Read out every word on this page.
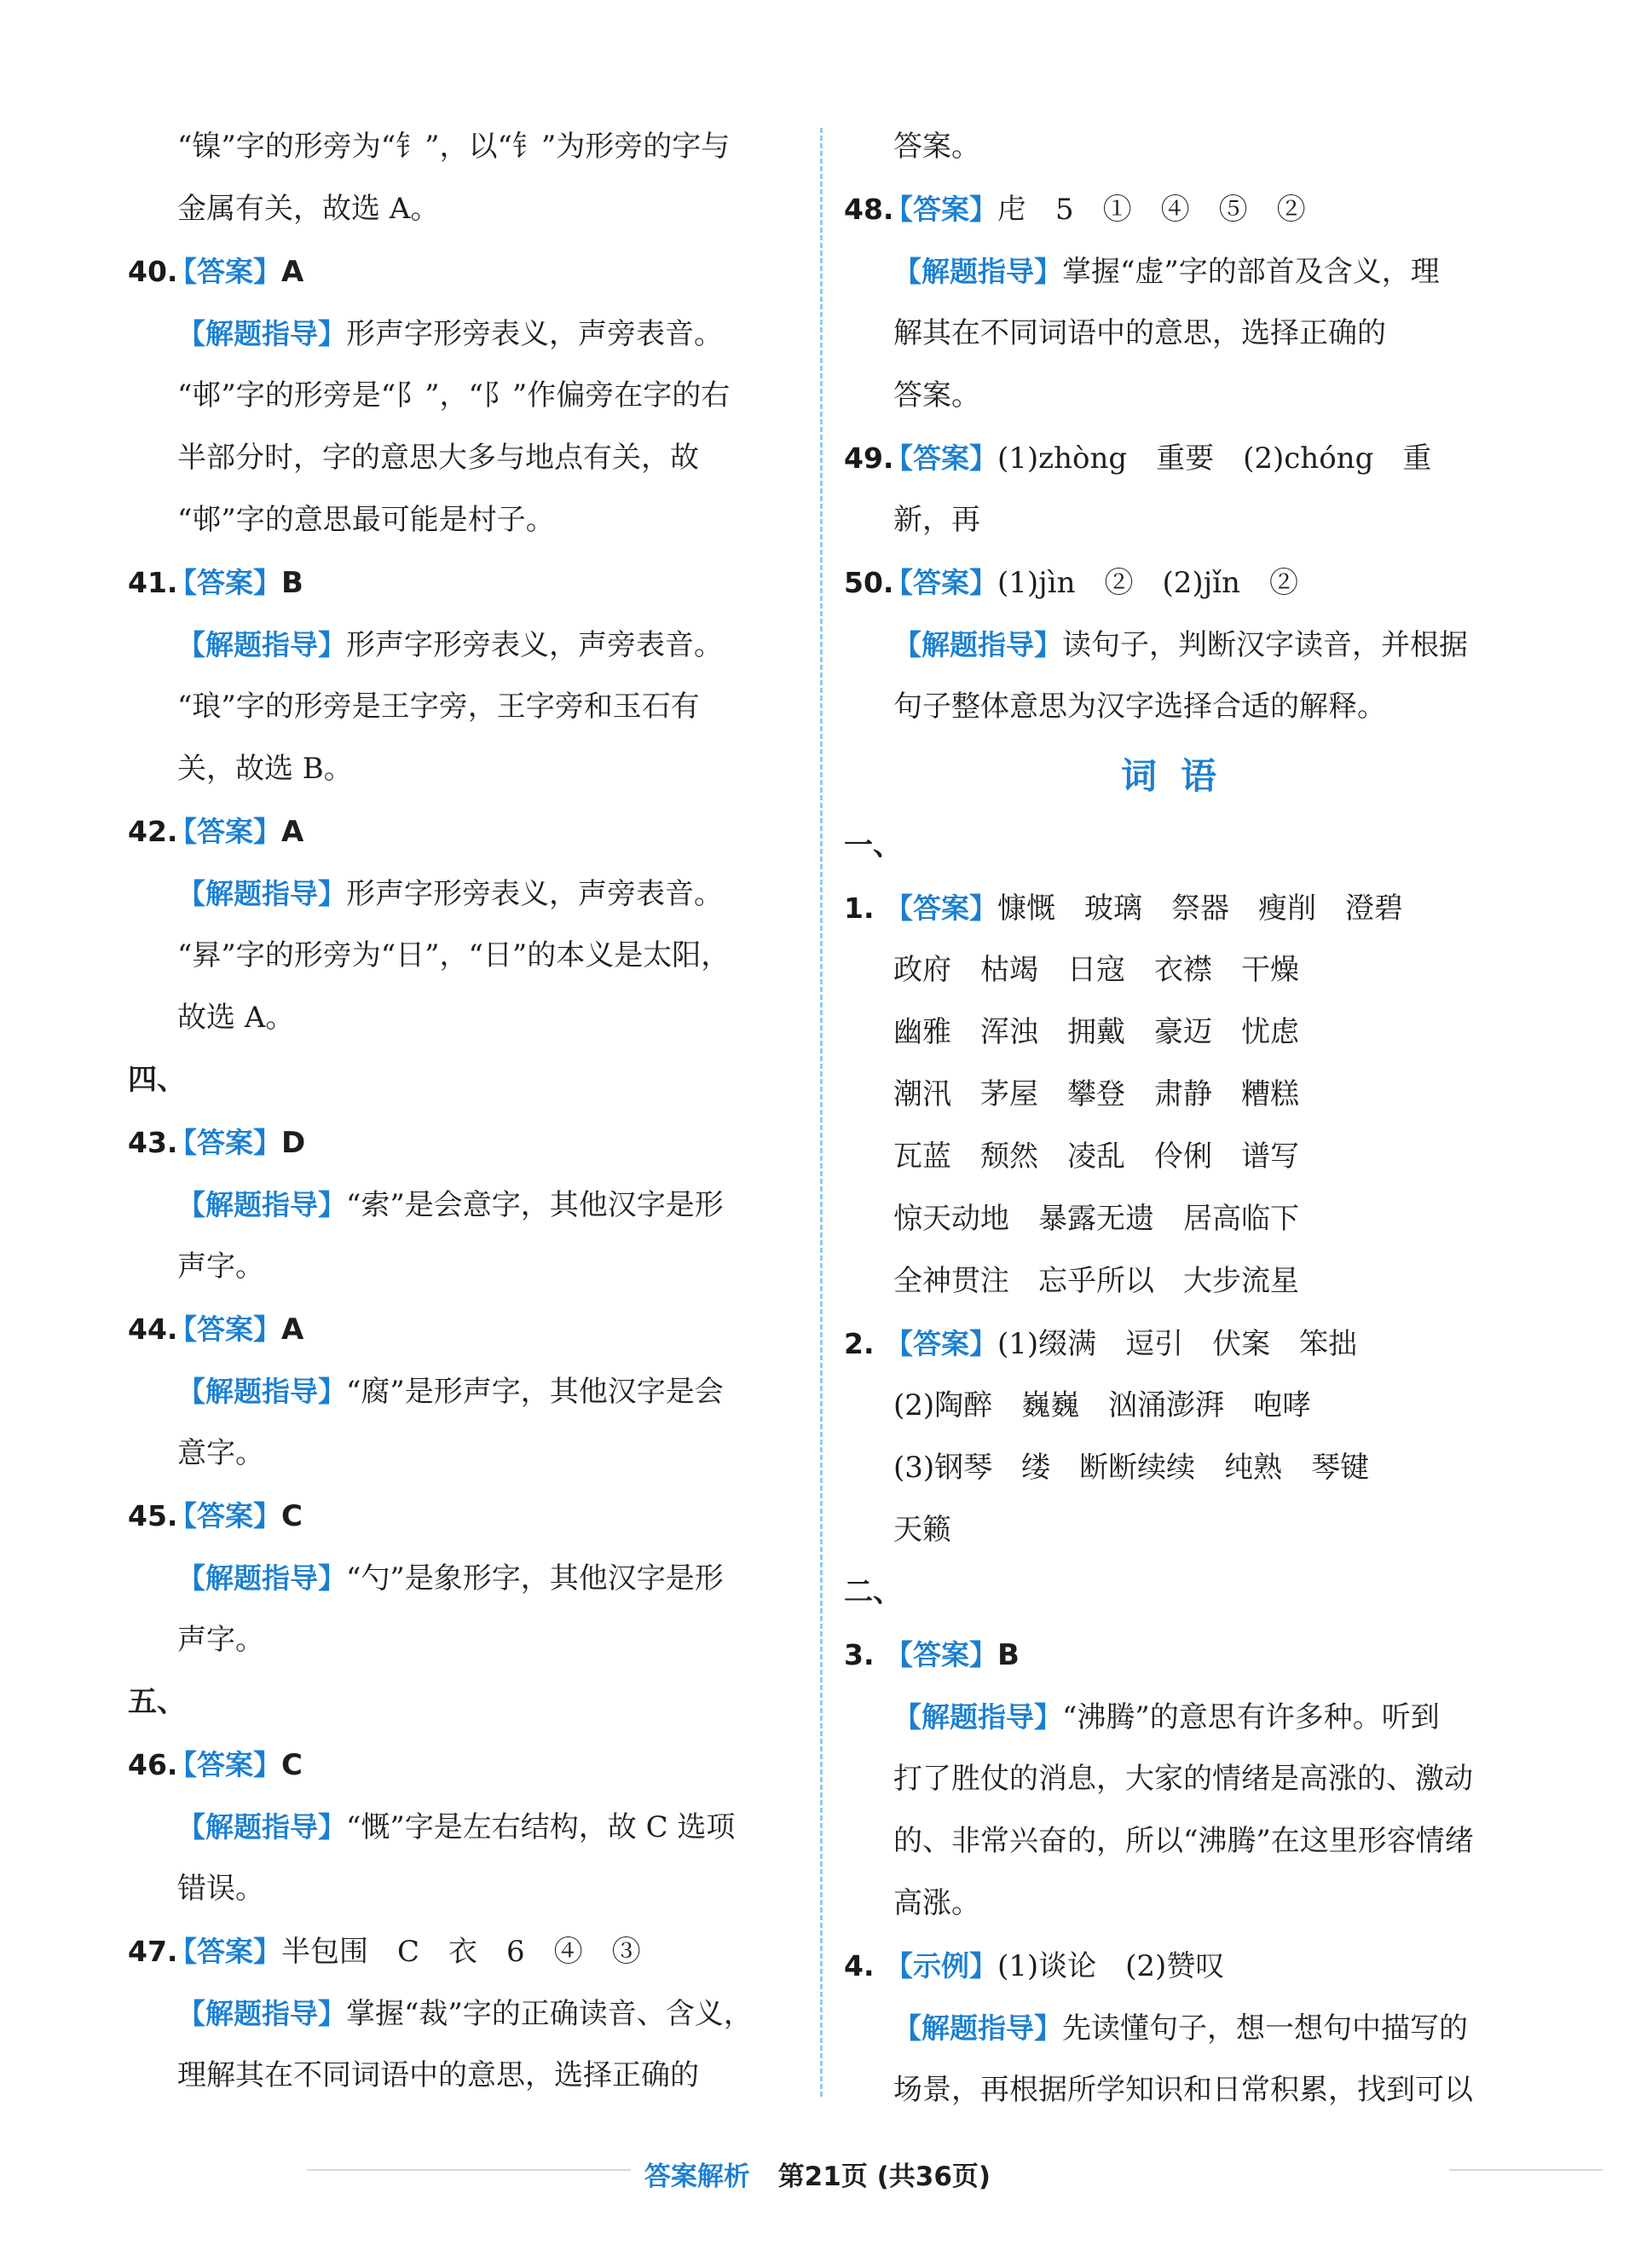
“镍”字的形旁为“钅”，以“钅”为形旁的字与
金属有关，故选 A。
40.【答案】A
【解题指导】形声字形旁表义，声旁表音。
“邨”字的形旁是“阝”，“阝”作偏旁在字的右
半部分时，字的意思大多与地点有关，故
“邨”字的意思最可能是村子。
41.【答案】B
【解题指导】形声字形旁表义，声旁表音。
“琅”字的形旁是王字旁，王字旁和玉石有
关，故选 B。
42.【答案】A
【解题指导】形声字形旁表义，声旁表音。
“昪”字的形旁为“日”，“日”的本义是太阳，
故选 A。
四、
43.【答案】D
【解题指导】“索”是会意字，其他汉字是形
声字。
44.【答案】A
【解题指导】“腐”是形声字，其他汉字是会
意字。
45.【答案】C
【解题指导】“勺”是象形字，其他汉字是形
声字。
五、
46.【答案】C
【解题指导】“慨”字是左右结构，故 C 选项
错误。
47.【答案】半包围　C　衣　6　④　③
【解题指导】掌握“裁”字的正确读音、含义，
理解其在不同词语中的意思，选择正确的
答案。
48.【答案】虍　5　①　④　⑤　②
【解题指导】掌握“虚”字的部首及含义，理
解其在不同词语中的意思，选择正确的
答案。
49.【答案】(1)zhòng　重要　(2)chóng　重
新，再
50.【答案】(1)jìn　②　(2)jǐn　②
【解题指导】读句子，判断汉字读音，并根据
句子整体意思为汉字选择合适的解释。
词语
一、
1. 【答案】慷慨　玻璃　祭器　瘦削　澄碧
政府　枯竭　日寇　衣襟　干燥
幽雅　浑浊　拥戴　豪迈　忧虑
潮汛　茅屋　攀登　肃静　糟糕
瓦蓝　颓然　凌乱　伶俐　谱写
惊天动地　暴露无遗　居高临下
全神贯注　忘乎所以　大步流星
2. 【答案】(1)缀满　逗引　伏案　笨拙
(2)陶醉　巍巍　汹涌澎湃　咆哮
(3)钢琴　缕　断断续续　纯熟　琴键
天籁
二、
3. 【答案】B
【解题指导】“沸腾”的意思有许多种。听到
打了胜仗的消息，大家的情绪是高涨的、激动
的、非常兴奋的，所以“沸腾”在这里形容情绪
高涨。
4. 【示例】(1)谈论　(2)赞叹
【解题指导】先读懂句子，想一想句中描写的
场景，再根据所学知识和日常积累，找到可以
答案解析 第21页 (共36页)
